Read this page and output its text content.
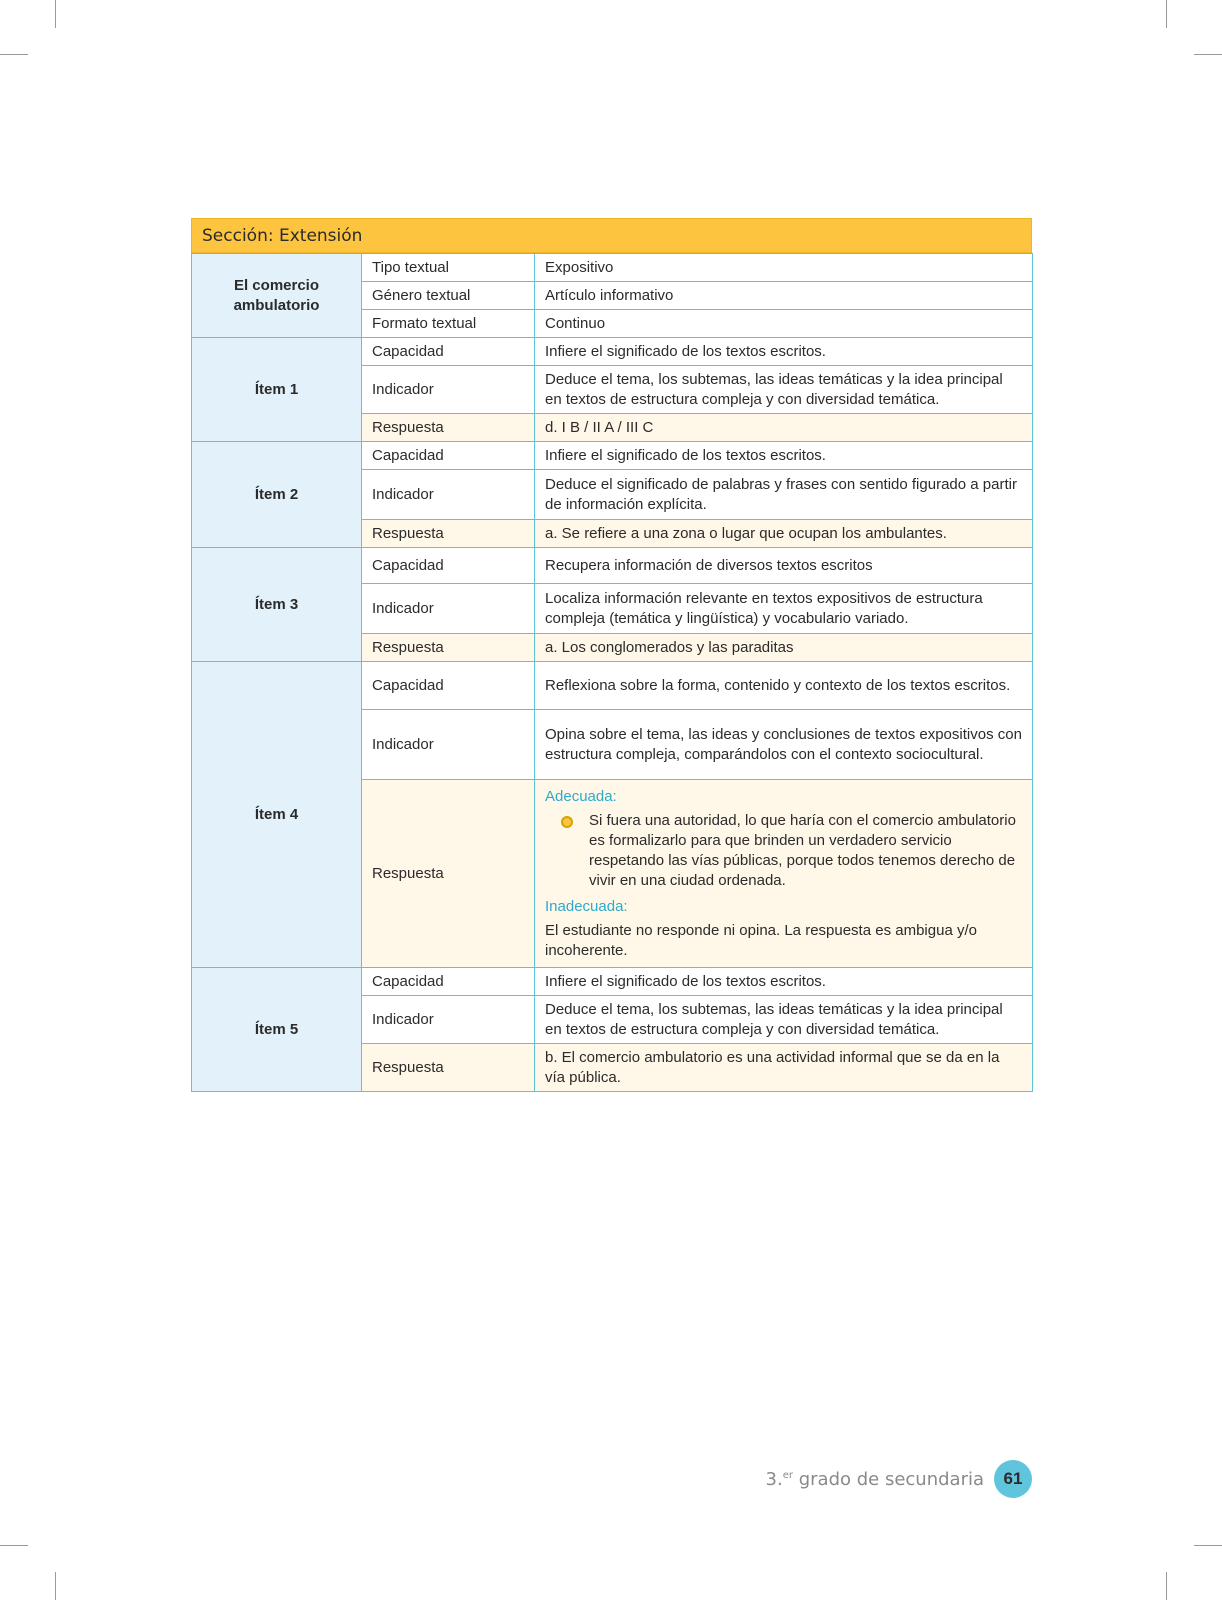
Sección: Extensión
El comercio ambulatorio	Tipo textual	Expositivo
	Género textual	Artículo informativo
	Formato textual	Continuo
Ítem 1	Capacidad	Infiere el significado de los textos escritos.
	Indicador	Deduce el tema, los subtemas, las ideas temáticas y la idea principal en textos de estructura compleja y con diversidad temática.
	Respuesta	d. I B / II A / III C
Ítem 2	Capacidad	Infiere el significado de los textos escritos.
	Indicador	Deduce el significado de palabras y frases con sentido figurado a partir de información explícita.
	Respuesta	a. Se refiere a una zona o lugar que ocupan los ambulantes.
Ítem 3	Capacidad	Recupera información de diversos textos escritos
	Indicador	Localiza información relevante en textos expositivos de estructura compleja (temática y lingüística) y vocabulario variado.
	Respuesta	a. Los conglomerados y las paraditas
Ítem 4	Capacidad	Reflexiona sobre la forma, contenido y contexto de los textos escritos.
	Indicador	Opina sobre el tema, las ideas y conclusiones de textos expositivos con estructura compleja, comparándolos con el contexto sociocultural.
	Respuesta	Adecuada:
Si fuera una autoridad, lo que haría con el comercio ambulatorio es formalizarlo para que brinden un verdadero servicio respetando las vías públicas, porque todos tenemos derecho de vivir en una ciudad ordenada.
Inadecuada:
El estudiante no responde ni opina. La respuesta es ambigua y/o incoherente.

Ítem 5	Capacidad	Infiere el significado de los textos escritos.
	Indicador	Deduce el tema, los subtemas, las ideas temáticas y la idea principal en textos de estructura compleja y con diversidad temática.
	Respuesta	b. El comercio ambulatorio es una actividad informal que se da en la vía pública.
3.$^{er}$ grado de secundaria	61
